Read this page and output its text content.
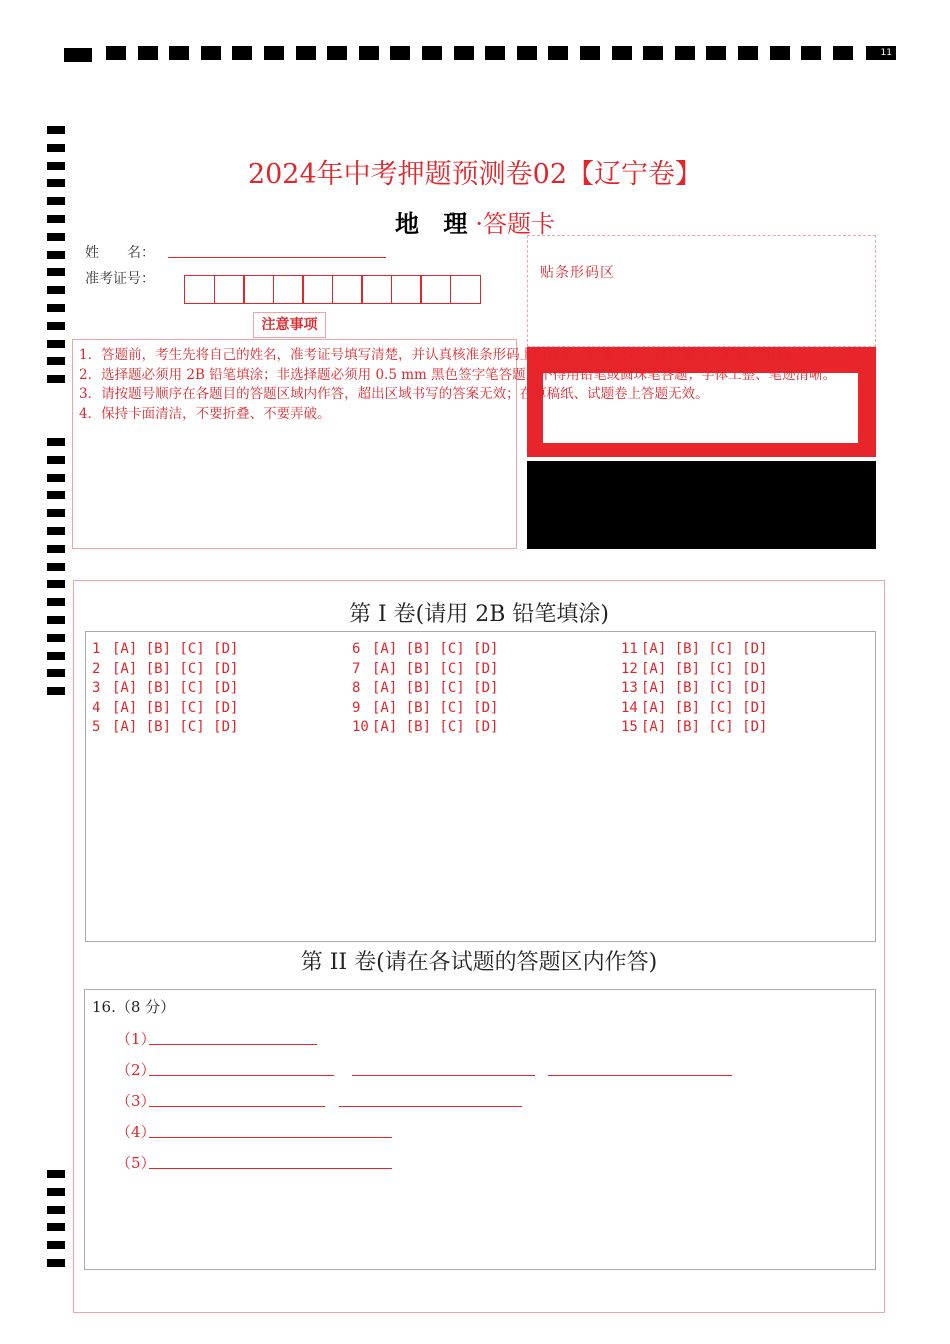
11
2024年中考押题预测卷02【辽宁卷】
地 理·答题卡
姓　　名：
准考证号：
注意事项
贴条形码区
1．答题前，考生先将自己的姓名，准考证号填写清楚，并认真核准条形码上的姓名、准考证号，在规定位置贴好条形码。
2．选择题必须用 2B 铅笔填涂；非选择题必须用 0.5 mm 黑色签字笔答题，不得用铅笔或圆珠笔答题；字体工整、笔迹清晰。
3．请按题号顺序在各题目的答题区域内作答，超出区域书写的答案无效；在草稿纸、试题卷上答题无效。
4．保持卡面清洁，不要折叠、不要弄破。
第 I 卷(请用 2B 铅笔填涂)
1 [A] [B] [C] [D]
2 [A] [B] [C] [D]
3 [A] [B] [C] [D]
4 [A] [B] [C] [D]
5 [A] [B] [C] [D]
6 [A] [B] [C] [D]
7 [A] [B] [C] [D]
8 [A] [B] [C] [D]
9 [A] [B] [C] [D]
10 [A] [B] [C] [D]
11 [A] [B] [C] [D]
12 [A] [B] [C] [D]
13 [A] [B] [C] [D]
14 [A] [B] [C] [D]
15 [A] [B] [C] [D]
第 II 卷(请在各试题的答题区内作答)
16.（8 分）
（1）
（2）
（3）
（4）
（5）
